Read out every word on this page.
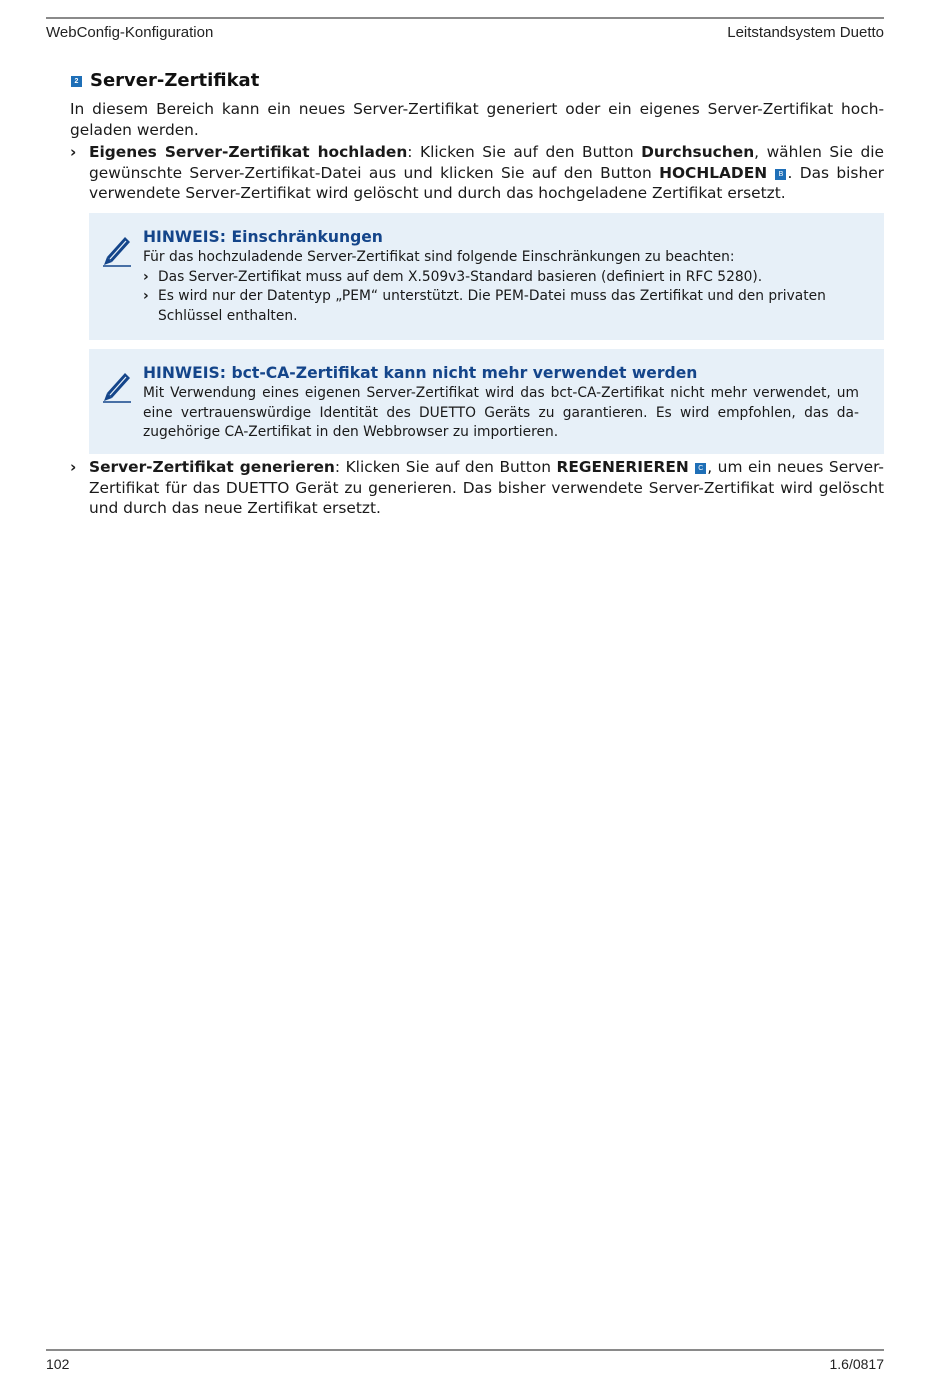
WebConfig-Konfiguration	Leitstandsystem Duetto
2 Server-Zertifikat
In diesem Bereich kann ein neues Server-Zertifikat generiert oder ein eigenes Server-Zertifikat hoch-geladen werden.
› Eigenes Server-Zertifikat hochladen: Klicken Sie auf den Button Durchsuchen, wählen Sie die gewünschte Server-Zertifikat-Datei aus und klicken Sie auf den Button HOCHLADEN B . Das bisher verwendete Server-Zertifikat wird gelöscht und durch das hochgeladene Zertifikat ersetzt.
HINWEIS: Einschränkungen
Für das hochzuladende Server-Zertifikat sind folgende Einschränkungen zu beachten:
› Das Server-Zertifikat muss auf dem X.509v3-Standard basieren (definiert in RFC 5280).
› Es wird nur der Datentyp „PEM“ unterstützt. Die PEM-Datei muss das Zertifikat und den privaten Schlüssel enthalten.
HINWEIS: bct-CA-Zertifikat kann nicht mehr verwendet werden
Mit Verwendung eines eigenen Server-Zertifikat wird das bct-CA-Zertifikat nicht mehr verwendet, um eine vertrauenswürdige Identität des DUETTO Geräts zu garantieren. Es wird empfohlen, das da-zugehörige CA-Zertifikat in den Webbrowser zu importieren.
› Server-Zertifikat generieren: Klicken Sie auf den Button REGENERIEREN C , um ein neues Server-Zertifikat für das DUETTO Gerät zu generieren. Das bisher verwendete Server-Zertifikat wird gelöscht und durch das neue Zertifikat ersetzt.
102	1.6/0817
